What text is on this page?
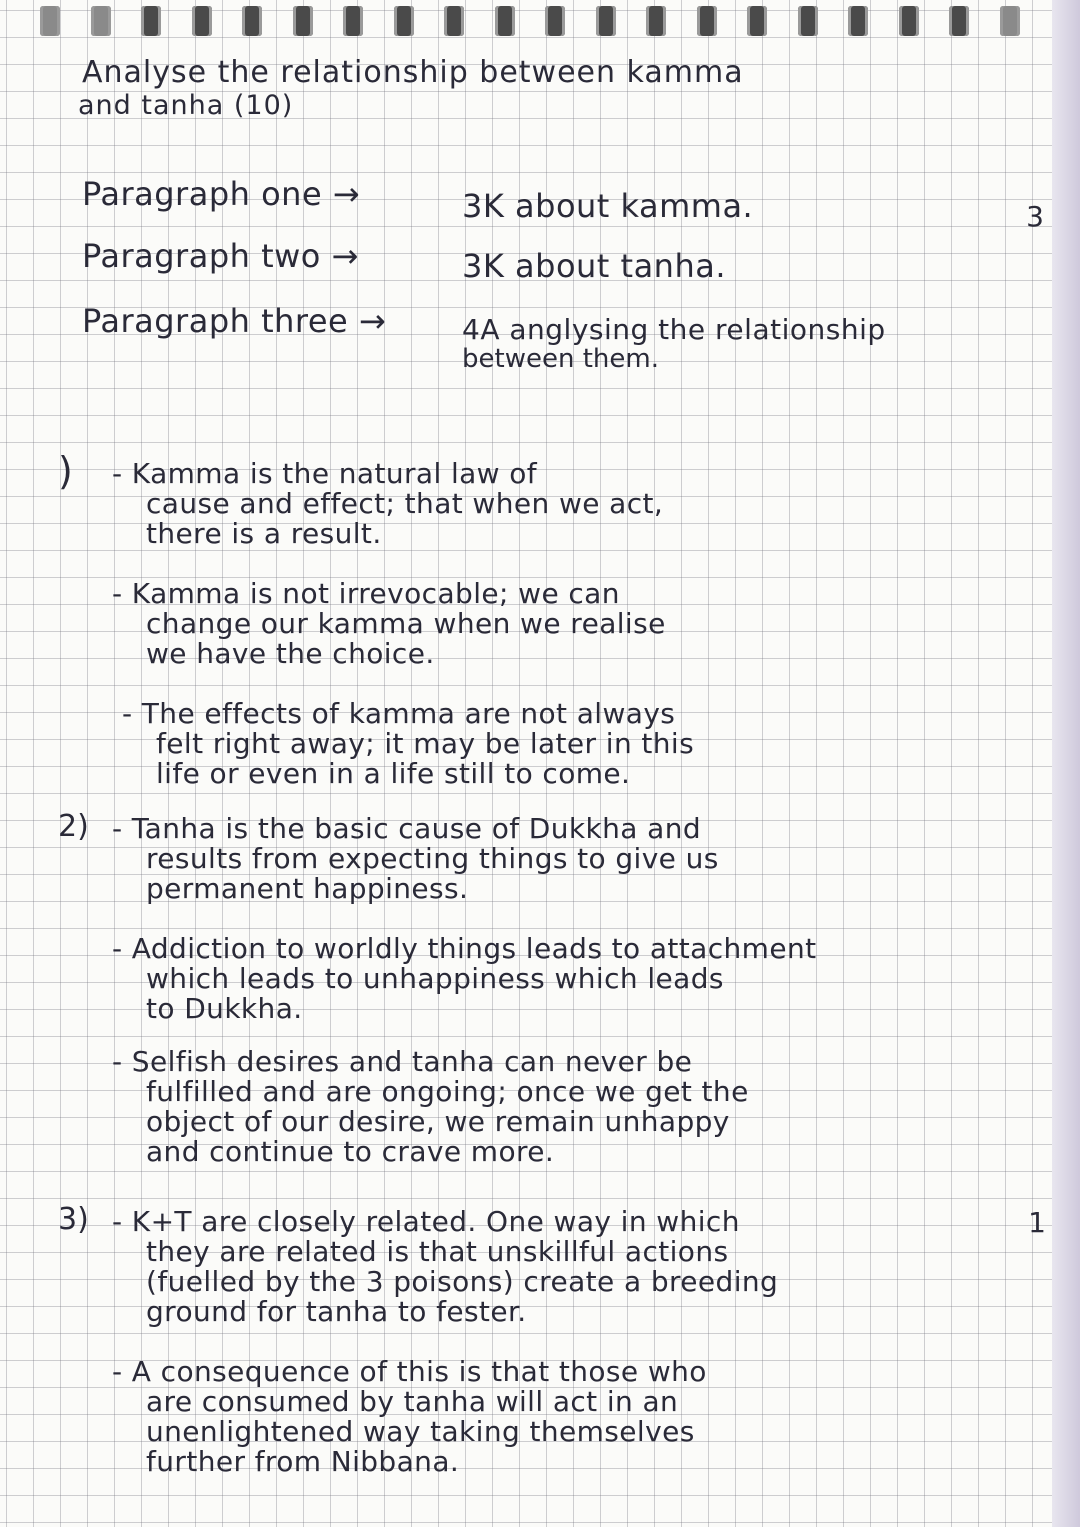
Analyse the relationship between kamma
and tanha (10)
Paragraph one →	3K about kamma.
Paragraph two →	3K about tanha.
Paragraph three →	4A anglysing the relationship
between them.
) - Kamma is the natural law of
cause and effect; that when we act,
there is a result.
- Kamma is not irrevocable; we can
change our kamma when we realise
we have the choice.
- The effects of kamma are not always
felt right away; it may be later in this
life or even in a life still to come.
2) - Tanha is the basic cause of Dukkha and
results from expecting things to give us
permanent happiness.
- Addiction to worldly things leads to attachment
which leads to unhappiness which leads
to Dukkha.
- Selfish desires and tanha can never be
fulfilled and are ongoing; once we get the
object of our desire, we remain unhappy
and continue to crave more.
3) - K+T are closely related. One way in which
they are related is that unskillful actions
(fuelled by the 3 poisons) create a breeding
ground for tanha to fester.
- A consequence of this is that those who
are consumed by tanha will act in an
unenlightened way taking themselves
further from Nibbana.
3
1
